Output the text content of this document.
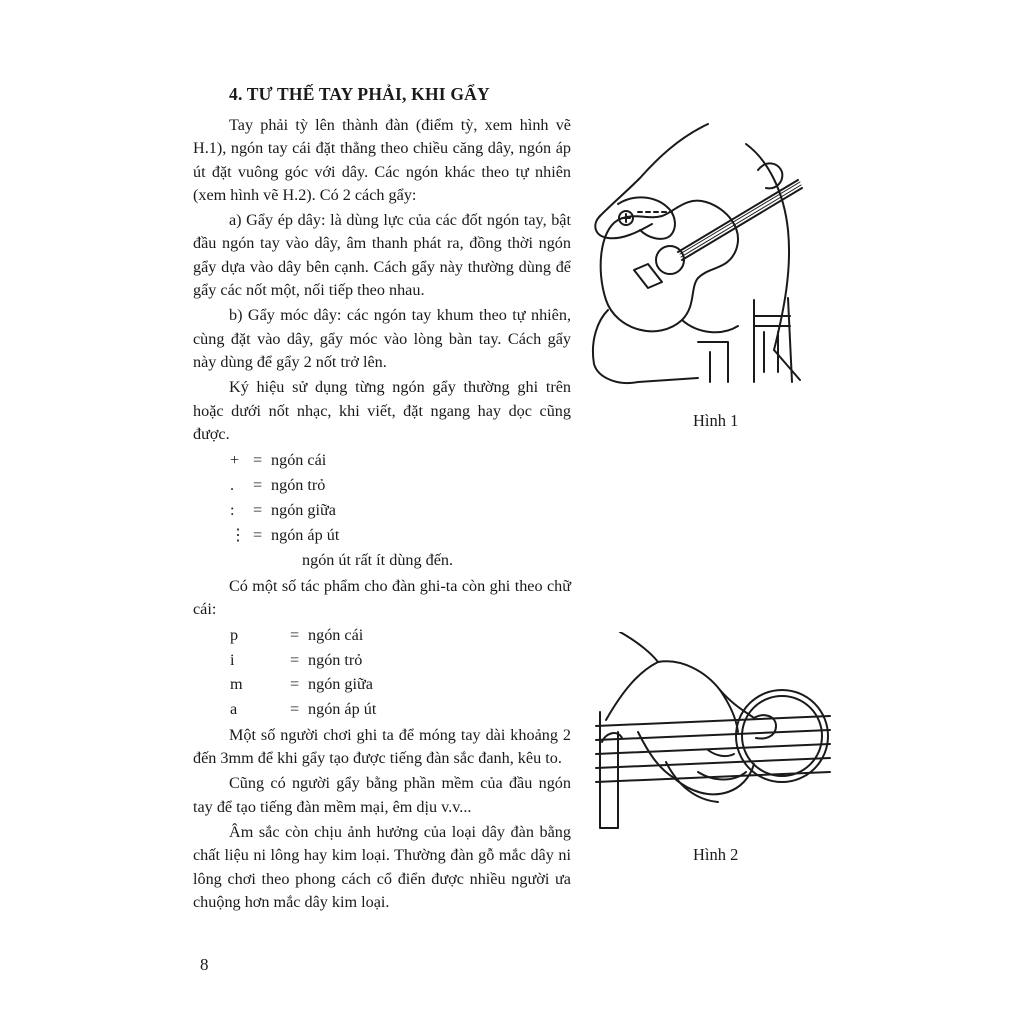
4. TƯ THẾ TAY PHẢI, KHI GẨY

Tay phải tỳ lên thành đàn (điểm tỳ, xem hình vẽ H.1), ngón tay cái đặt thẳng theo chiều căng dây, ngón áp út đặt vuông góc với dây. Các ngón khác theo tự nhiên (xem hình vẽ H.2). Có 2 cách gẩy:

a) Gẩy ép dây: là dùng lực của các đốt ngón tay, bật đầu ngón tay vào dây, âm thanh phát ra, đồng thời ngón gẩy dựa vào dây bên cạnh. Cách gẩy này thường dùng để gẩy các nốt một, nối tiếp theo nhau.

b) Gẩy móc dây: các ngón tay khum theo tự nhiên, cùng đặt vào dây, gẩy móc vào lòng bàn tay. Cách gẩy này dùng để gẩy 2 nốt trở lên.

Ký hiệu sử dụng từng ngón gẩy thường ghi trên hoặc dưới nốt nhạc, khi viết, đặt ngang hay dọc cũng được.

+ = ngón cái
.	= ngón trỏ
:	= ngón giữa
⋮ = ngón áp út
ngón út rất ít dùng đến.

Có một số tác phẩm cho đàn ghi-ta còn ghi theo chữ cái:

p	= ngón cái
i	= ngón trỏ
m	= ngón giữa
a	= ngón áp út

Một số người chơi ghi ta để móng tay dài khoảng 2 đến 3mm để khi gẩy tạo được tiếng đàn sắc đanh, kêu to.

Cũng có người gẩy bằng phần mềm của đầu ngón tay để tạo tiếng đàn mềm mại, êm dịu v.v...

Âm sắc còn chịu ảnh hưởng của loại dây đàn bằng chất liệu ni lông hay kim loại. Thường đàn gỗ mắc dây ni lông chơi theo phong cách cổ điển được nhiều người ưa chuộng hơn mắc dây kim loại.

Hình 1
Hình 2
8
